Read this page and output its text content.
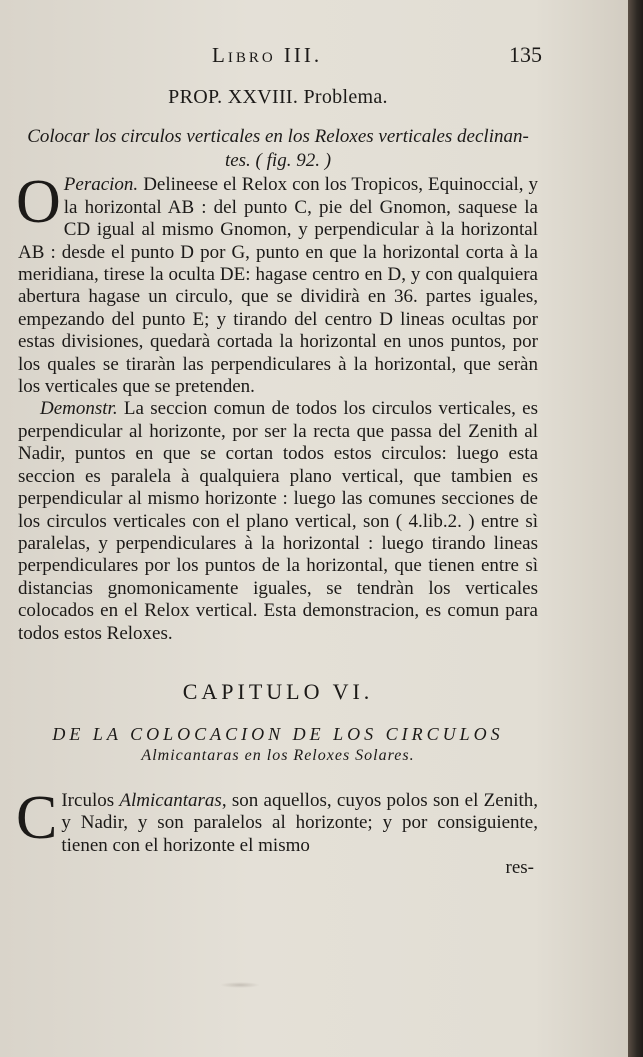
Libro III.	135
PROP. XXVIII. Problema.
Colocar los circulos verticales en los Reloxes verticales declinan-
tes. ( fig. 92. )

O Peracion. Delineese el Relox con los Tropicos, Equinoccial, y la horizontal AB : del punto C, pie del Gnomon, saquese la CD igual al mismo Gnomon, y perpendicular à la horizontal AB : desde el punto D por G, punto en que la horizontal corta à la meridiana, tirese la oculta DE: hagase centro en D, y con qualquiera abertura hagase un circulo, que se dividirà en 36. partes iguales, empezando del punto E; y tirando del centro D lineas ocultas por estas divisiones, quedarà cortada la horizontal en unos puntos, por los quales se tiraràn las perpendiculares à la horizontal, que seràn los verticales que se pretenden.

Demonstr. La seccion comun de todos los circulos verticales, es perpendicular al horizonte, por ser la recta que passa del Zenith al Nadir, puntos en que se cortan todos estos circulos: luego esta seccion es paralela à qualquiera plano vertical, que tambien es perpendicular al mismo horizonte : luego las comunes secciones de los circulos verticales con el plano vertical, son ( 4.lib.2. ) entre sì paralelas, y perpendiculares à la horizontal : luego tirando lineas perpendiculares por los puntos de la horizontal, que tienen entre sì distancias gnomonicamente iguales, se tendràn los verticales colocados en el Relox vertical. Esta demonstracion, es comun para todos estos Reloxes.

CAPITULO VI.
DE LA COLOCACION DE LOS CIRCULOS
Almicantaras en los Reloxes Solares.

C Irculos Almicantaras, son aquellos, cuyos polos son el Zenith, y Nadir, y son paralelos al horizonte; y por consiguiente, tienen con el horizonte el mismo

res-
